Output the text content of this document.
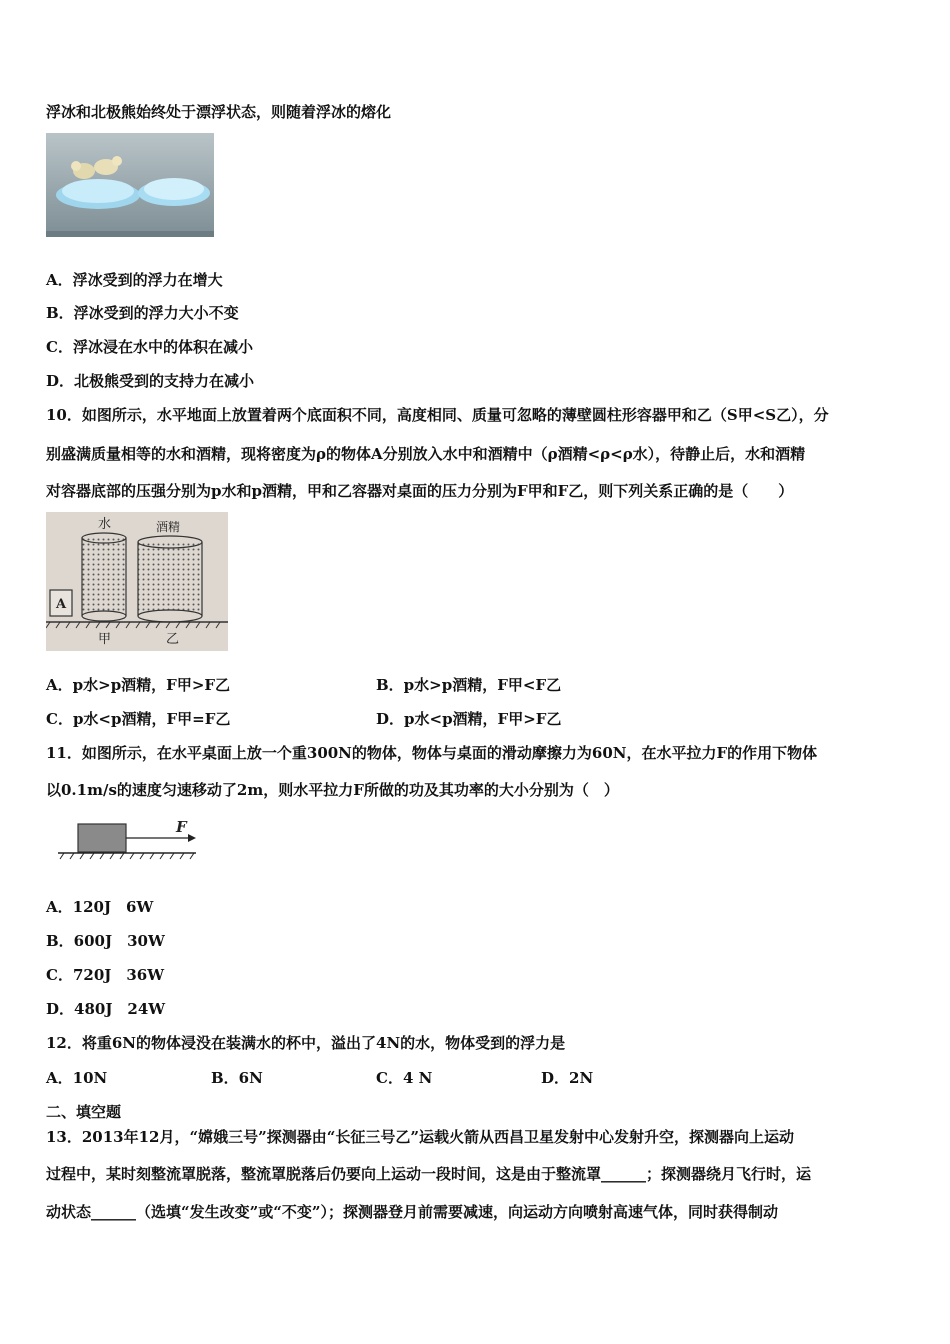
浮冰和北极熊始终处于漂浮状态，则随着浮冰的熔化
A．浮冰受到的浮力在增大
B．浮冰受到的浮力大小不变
C．浮冰浸在水中的体积在减小
D．北极熊受到的支持力在减小
10．如图所示，水平地面上放置着两个底面积不同，高度相同、质量可忽略的薄壁圆柱形容器甲和乙（S甲<S乙），分
别盛满质量相等的水和酒精，现将密度为ρ的物体A分别放入水中和酒精中（ρ酒精<ρ<ρ水），待静止后，水和酒精
对容器底部的压强分别为p水和p酒精，甲和乙容器对桌面的压力分别为F甲和F乙，则下列关系正确的是（　　）
水	酒精
A
甲	乙
A．p水>p酒精，F甲>F乙	B．p水>p酒精，F甲<F乙
C．p水<p酒精，F甲=F乙	D．p水<p酒精，F甲>F乙
11．如图所示，在水平桌面上放一个重300N的物体，物体与桌面的滑动摩擦力为60N，在水平拉力F的作用下物体
以0.1m/s的速度匀速移动了2m，则水平拉力F所做的功及其功率的大小分别为（　）
F
A．120J　6W
B．600J　30W
C．720J　36W
D．480J　24W
12．将重6N的物体浸没在装满水的杯中，溢出了4N的水，物体受到的浮力是
A．10N	B．6N	C．4 N	D．2N
二、填空题
13．2013年12月，“嫦娥三号”探测器由“长征三号乙”运载火箭从西昌卫星发射中心发射升空，探测器向上运动
过程中，某时刻整流罩脱落，整流罩脱落后仍要向上运动一段时间，这是由于整流罩______；探测器绕月飞行时，运
动状态______（选填“发生改变”或“不变”）；探测器登月前需要减速，向运动方向喷射高速气体，同时获得制动
